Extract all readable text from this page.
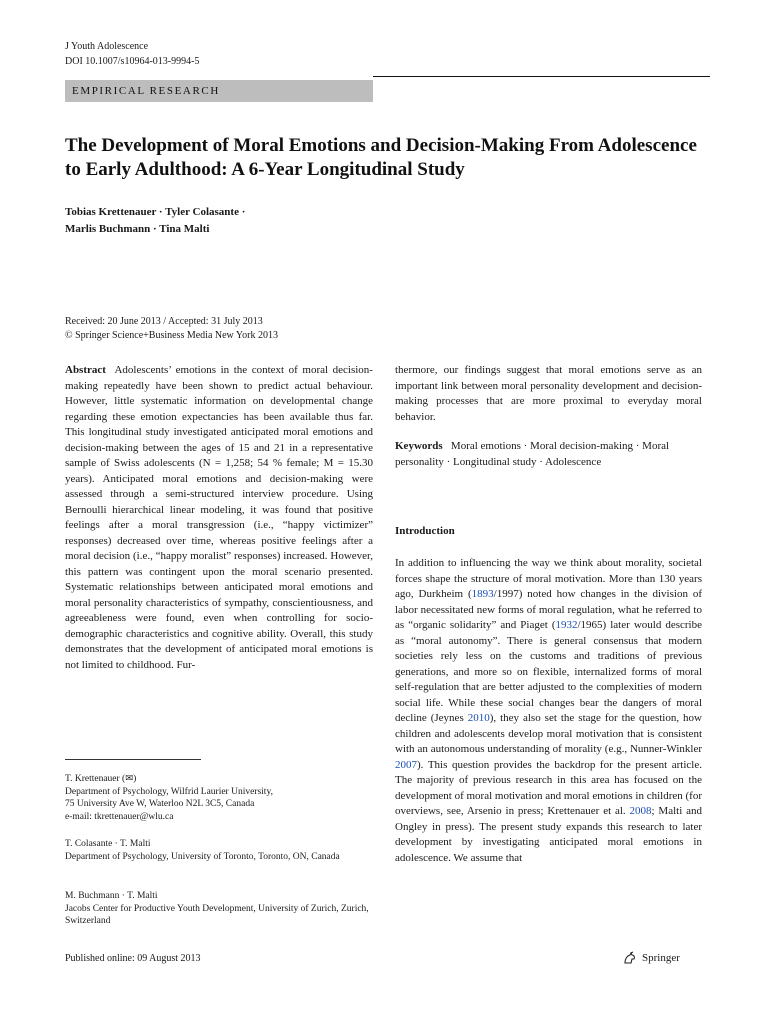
J Youth Adolescence
DOI 10.1007/s10964-013-9994-5
EMPIRICAL RESEARCH
The Development of Moral Emotions and Decision-Making From Adolescence to Early Adulthood: A 6-Year Longitudinal Study
Tobias Krettenauer · Tyler Colasante ·
Marlis Buchmann · Tina Malti
Received: 20 June 2013 / Accepted: 31 July 2013
© Springer Science+Business Media New York 2013
Abstract Adolescents’ emotions in the context of moral decision-making repeatedly have been shown to predict actual behaviour. However, little systematic information on developmental change regarding these emotion expectancies has been available thus far. This longitudinal study investigated anticipated moral emotions and decision-making between the ages of 15 and 21 in a representative sample of Swiss adolescents (N = 1,258; 54 % female; M = 15.30 years). Anticipated moral emotions and decision-making were assessed through a semi-structured interview procedure. Using Bernoulli hierarchical linear modeling, it was found that positive feelings after a moral transgression (i.e., “happy victimizer” responses) decreased over time, whereas positive feelings after a moral decision (i.e., “happy moralist” responses) increased. However, this pattern was contingent upon the moral scenario presented. Systematic relationships between anticipated moral emotions and moral personality characteristics of sympathy, conscientiousness, and agreeableness were found, even when controlling for socio-demographic characteristics and cognitive ability. Overall, this study demonstrates that the development of anticipated moral emotions is not limited to childhood. Fur-

thermore, our findings suggest that moral emotions serve as an important link between moral personality development and decision-making processes that are more proximal to everyday moral behavior.

Keywords Moral emotions · Moral decision-making · Moral personality · Longitudinal study · Adolescence

Introduction
In addition to influencing the way we think about morality, societal forces shape the structure of moral motivation. More than 130 years ago, Durkheim (1893/1997) noted how changes in the division of labor necessitated new forms of moral regulation, what he referred to as “organic solidarity” and Piaget (1932/1965) later would describe as “moral autonomy”. There is general consensus that modern societies rely less on the customs and traditions of previous generations, and more so on flexible, internalized forms of moral self-regulation that are better adjusted to the complexities of modern social life. While these social changes bear the dangers of moral decline (Jeynes 2010), they also set the stage for the question, how children and adolescents develop moral motivation that is consistent with an autonomous understanding of morality (e.g., Nunner-Winkler 2007). This question provides the backdrop for the present article. The majority of previous research in this area has focused on the development of moral motivation and moral emotions in children (for overviews, see, Arsenio in press; Krettenauer et al. 2008; Malti and Ongley in press). The present study expands this research to later development by investigating anticipated moral emotions in adolescence. We assume that
T. Krettenauer (✉)
Department of Psychology, Wilfrid Laurier University,
75 University Ave W, Waterloo N2L 3C5, Canada
e-mail: tkrettenauer@wlu.ca
T. Colasante · T. Malti
Department of Psychology, University of Toronto, Toronto, ON, Canada
M. Buchmann · T. Malti
Jacobs Center for Productive Youth Development, University of Zurich, Zurich, Switzerland
Published online: 09 August 2013	Springer
